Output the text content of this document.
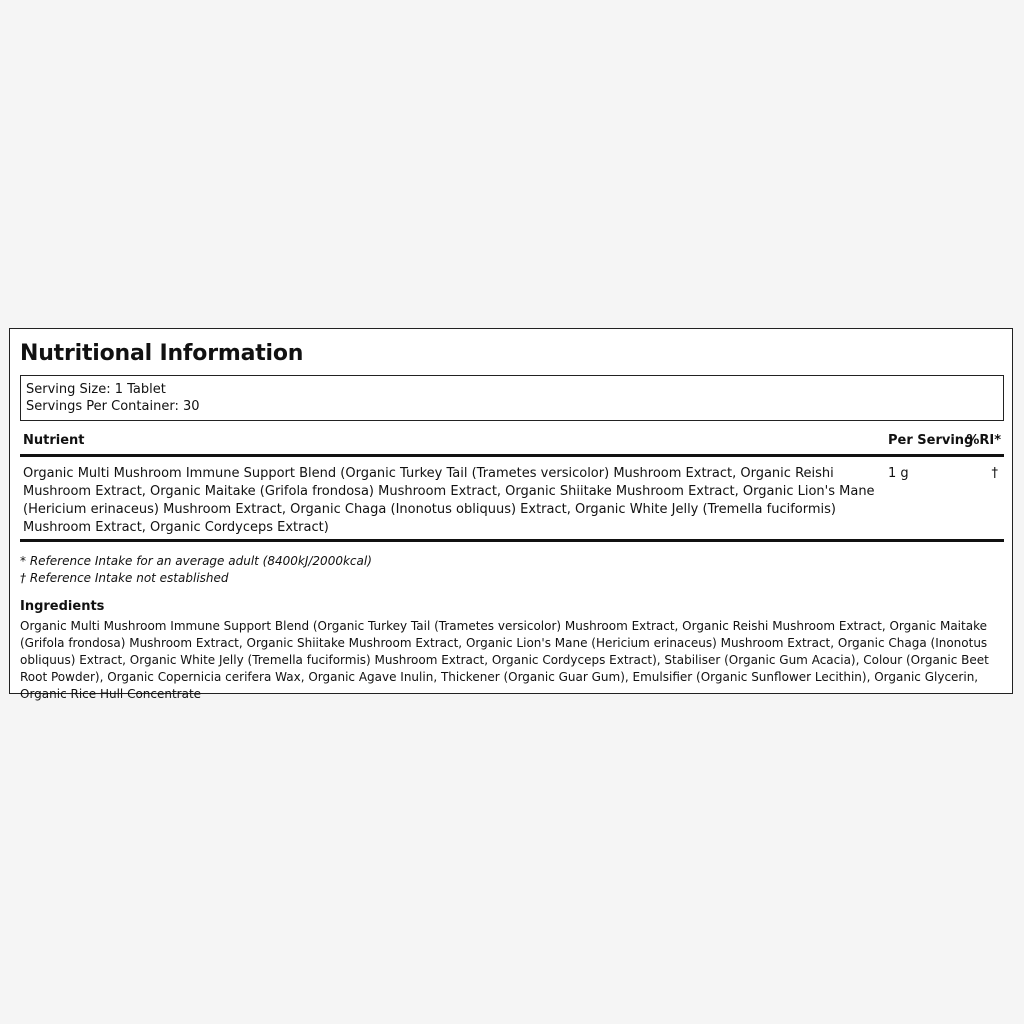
Nutritional Information
Serving Size: 1 Tablet
Servings Per Container: 30
Nutrient	Per Serving
%RI*
Organic Multi Mushroom Immune Support Blend (Organic Turkey Tail (Trametes versicolor) Mushroom Extract, Organic Reishi Mushroom Extract, Organic Maitake (Grifola frondosa) Mushroom Extract, Organic Shiitake Mushroom Extract, Organic Lion's Mane (Hericium erinaceus) Mushroom Extract, Organic Chaga (Inonotus obliquus) Extract, Organic White Jelly (Tremella fuciformis) Mushroom Extract, Organic Cordyceps Extract)
1 g	†
* Reference Intake for an average adult (8400kJ/2000kcal)
† Reference Intake not established
Ingredients
Organic Multi Mushroom Immune Support Blend (Organic Turkey Tail (Trametes versicolor) Mushroom Extract, Organic Reishi Mushroom Extract, Organic Maitake (Grifola frondosa) Mushroom Extract, Organic Shiitake Mushroom Extract, Organic Lion's Mane (Hericium erinaceus) Mushroom Extract, Organic Chaga (Inonotus obliquus) Extract, Organic White Jelly (Tremella fuciformis) Mushroom Extract, Organic Cordyceps Extract), Stabiliser (Organic Gum Acacia), Colour (Organic Beet Root Powder), Organic Copernicia cerifera Wax, Organic Agave Inulin, Thickener (Organic Guar Gum), Emulsifier (Organic Sunflower Lecithin), Organic Glycerin, Organic Rice Hull Concentrate
